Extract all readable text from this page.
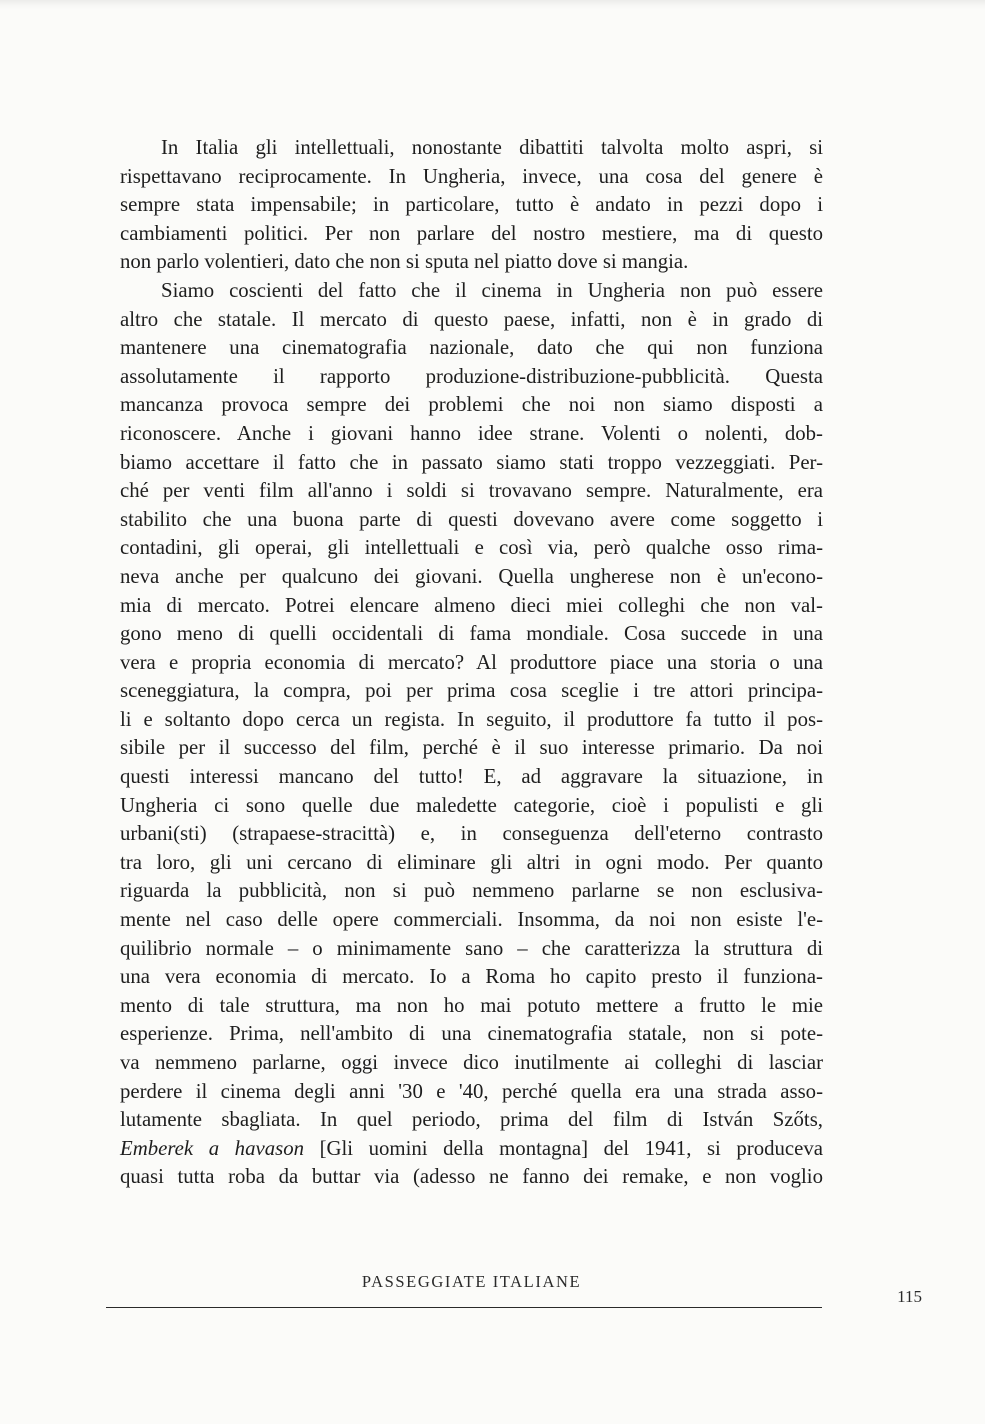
In Italia gli intellettuali, nonostante dibattiti talvolta molto aspri, si
rispettavano reciprocamente. In Ungheria, invece, una cosa del genere è
sempre stata impensabile; in particolare, tutto è andato in pezzi dopo i
cambiamenti politici. Per non parlare del nostro mestiere, ma di questo
non parlo volentieri, dato che non si sputa nel piatto dove si mangia.
Siamo coscienti del fatto che il cinema in Ungheria non può essere
altro che statale. Il mercato di questo paese, infatti, non è in grado di
mantenere una cinematografia nazionale, dato che qui non funziona
assolutamente il rapporto produzione-distribuzione-pubblicità. Questa
mancanza provoca sempre dei problemi che noi non siamo disposti a
riconoscere. Anche i giovani hanno idee strane. Volenti o nolenti, dob-
biamo accettare il fatto che in passato siamo stati troppo vezzeggiati. Per-
ché per venti film all'anno i soldi si trovavano sempre. Naturalmente, era
stabilito che una buona parte di questi dovevano avere come soggetto i
contadini, gli operai, gli intellettuali e così via, però qualche osso rima-
neva anche per qualcuno dei giovani. Quella ungherese non è un'econo-
mia di mercato. Potrei elencare almeno dieci miei colleghi che non val-
gono meno di quelli occidentali di fama mondiale. Cosa succede in una
vera e propria economia di mercato? Al produttore piace una storia o una
sceneggiatura, la compra, poi per prima cosa sceglie i tre attori principa-
li e soltanto dopo cerca un regista. In seguito, il produttore fa tutto il pos-
sibile per il successo del film, perché è il suo interesse primario. Da noi
questi interessi mancano del tutto! E, ad aggravare la situazione, in
Ungheria ci sono quelle due maledette categorie, cioè i populisti e gli
urbani(sti) (strapaese-stracittà) e, in conseguenza dell'eterno contrasto
tra loro, gli uni cercano di eliminare gli altri in ogni modo. Per quanto
riguarda la pubblicità, non si può nemmeno parlarne se non esclusiva-
mente nel caso delle opere commerciali. Insomma, da noi non esiste l'e-
quilibrio normale – o minimamente sano – che caratterizza la struttura di
una vera economia di mercato. Io a Roma ho capito presto il funziona-
mento di tale struttura, ma non ho mai potuto mettere a frutto le mie
esperienze. Prima, nell'ambito di una cinematografia statale, non si pote-
va nemmeno parlarne, oggi invece dico inutilmente ai colleghi di lasciar
perdere il cinema degli anni '30 e '40, perché quella era una strada asso-
lutamente sbagliata. In quel periodo, prima del film di István Szőts,
Emberek a havason [Gli uomini della montagna] del 1941, si produceva
quasi tutta roba da buttar via (adesso ne fanno dei remake, e non voglio
PASSEGGIATE ITALIANE
115
